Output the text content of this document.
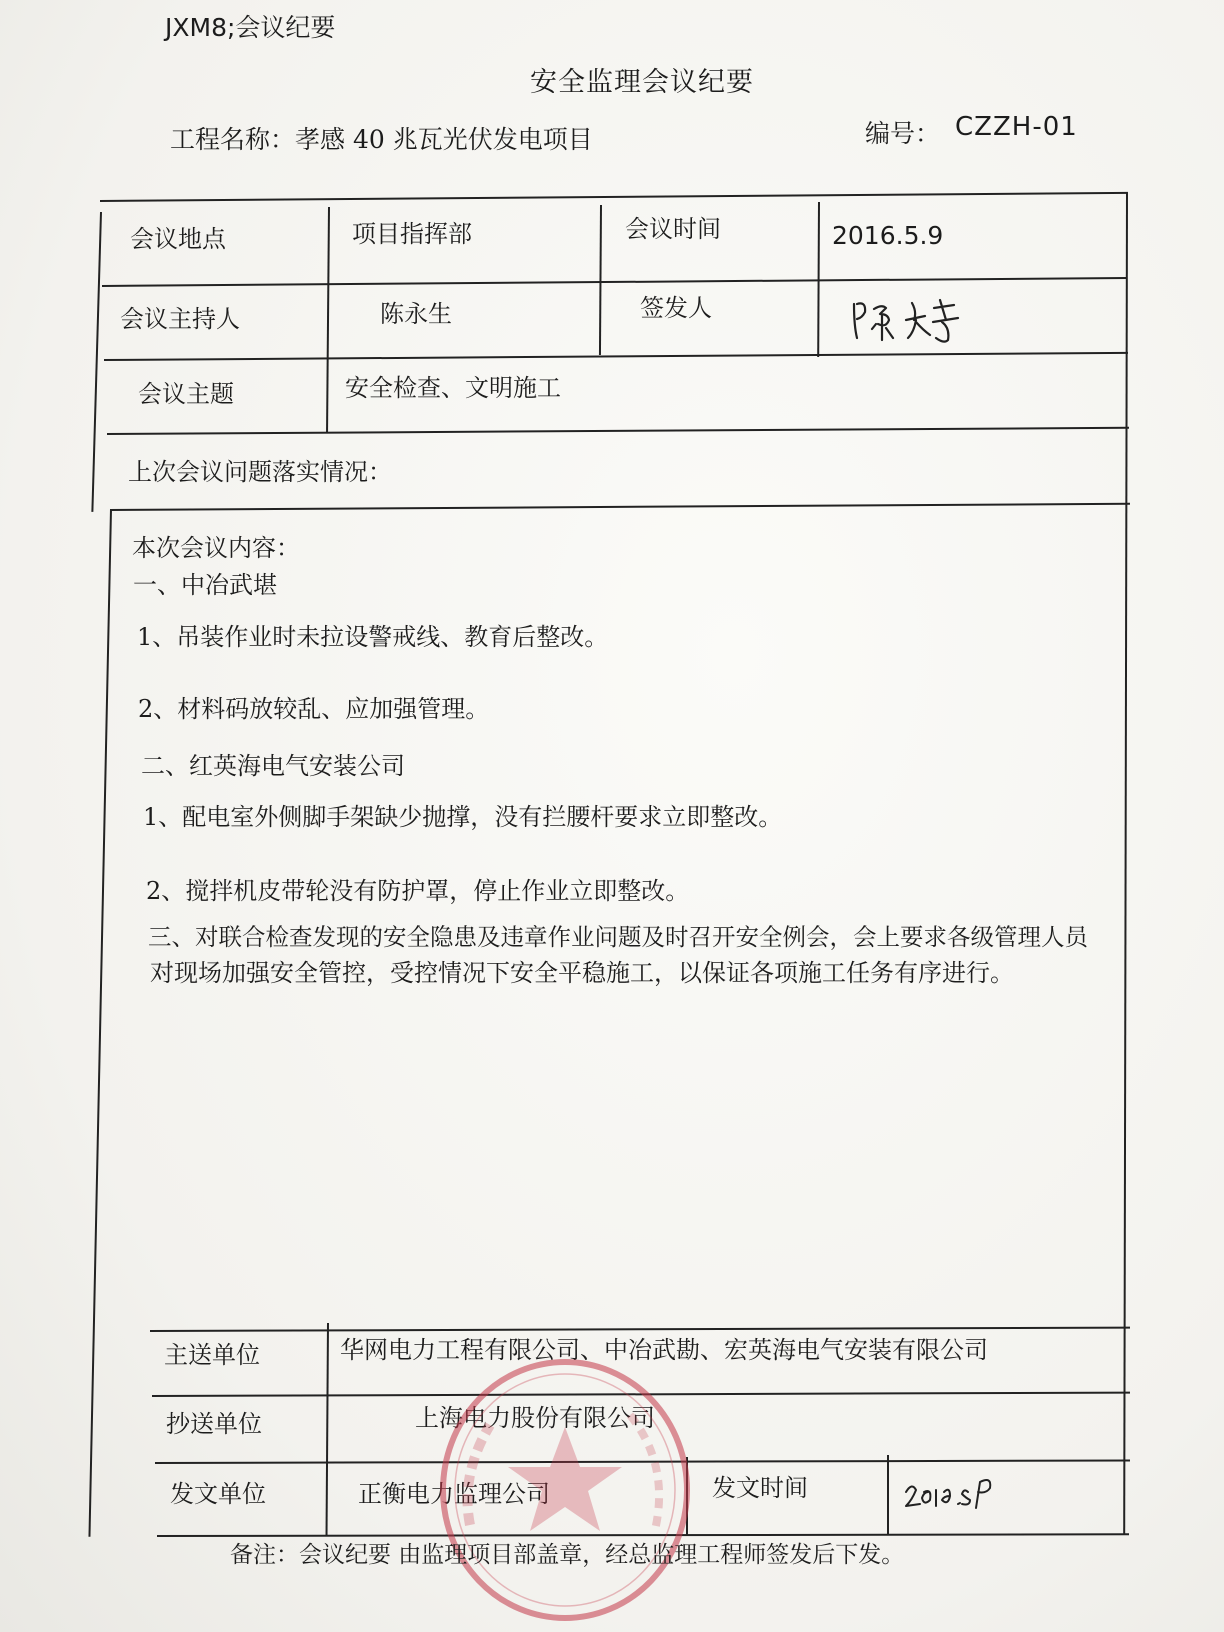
JXM8;会议纪要
安全监理会议纪要
工程名称：孝感 40 兆瓦光伏发电项目	编号： CZZH-01
会议地点	项目指挥部	会议时间	2016.5.9
会议主持人	陈永生	签发人
会议主题	安全检查、文明施工
上次会议问题落实情况：
本次会议内容：
一、中冶武堪
1、吊装作业时未拉设警戒线、教育后整改。
2、材料码放较乱、应加强管理。
二、红英海电气安装公司
1、配电室外侧脚手架缺少抛撑，没有拦腰杆要求立即整改。
2、搅拌机皮带轮没有防护罩，停止作业立即整改。
三、对联合检查发现的安全隐患及违章作业问题及时召开安全例会，会上要求各级管理人员
对现场加强安全管控，受控情况下安全平稳施工，以保证各项施工任务有序进行。
主送单位	华网电力工程有限公司、中冶武勘、宏英海电气安装有限公司
抄送单位	上海电力股份有限公司
发文单位	正衡电力监理公司	发文时间
备注：会议纪要 由监理项目部盖章，经总监理工程师签发后下发。
